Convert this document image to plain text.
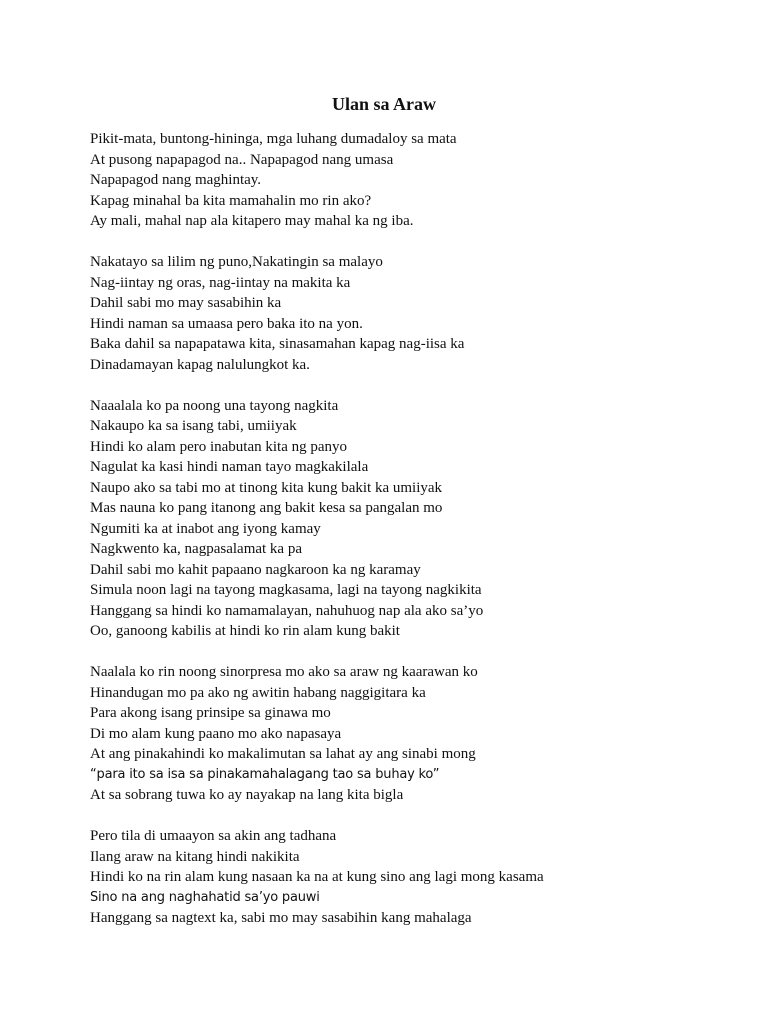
Ulan sa Araw

Pikit-mata, buntong-hininga, mga luhang dumadaloy sa mata

At pusong napapagod na.. Napapagod nang umasa

Napapagod nang maghintay.

Kapag minahal ba kita mamahalin mo rin ako?

Ay mali, mahal nap ala kitapero may mahal ka ng iba.

Nakatayo sa lilim ng puno,Nakatingin sa malayo

Nag-iintay ng oras, nag-iintay na makita ka

Dahil sabi mo may sasabihin ka

Hindi naman sa umaasa pero baka ito na yon.

Baka dahil sa napapatawa kita, sinasamahan kapag nag-iisa ka

Dinadamayan kapag nalulungkot ka.

Naaalala ko pa noong una tayong nagkita

Nakaupo ka sa isang tabi, umiiyak

Hindi ko alam pero inabutan kita ng panyo

Nagulat ka kasi hindi naman tayo magkakilala

Naupo ako sa tabi mo at tinong kita kung bakit ka umiiyak

Mas nauna ko pang itanong ang bakit kesa sa pangalan mo

Ngumiti ka at inabot ang iyong kamay

Nagkwento ka, nagpasalamat ka pa

Dahil sabi mo kahit papaano nagkaroon ka ng karamay

Simula noon lagi na tayong magkasama, lagi na tayong nagkikita

Hanggang sa hindi ko namamalayan, nahuhuog nap ala ako sa’yo

Oo, ganoong kabilis at hindi ko rin alam kung bakit

Naalala ko rin noong sinorpresa mo ako sa araw ng kaarawan ko

Hinandugan mo pa ako ng awitin habang naggigitara ka

Para akong isang prinsipe sa ginawa mo

Di mo alam kung paano mo ako napasaya

At ang pinakahindi ko makalimutan sa lahat ay ang sinabi mong

“para ito sa isa sa pinakamahalagang tao sa buhay ko”

At sa sobrang tuwa ko ay nayakap na lang kita bigla

Pero tila di umaayon sa akin ang tadhana

Ilang araw na kitang hindi nakikita

Hindi ko na rin alam kung nasaan ka na at kung sino ang lagi mong kasama

Sino na ang naghahatid sa’yo pauwi

Hanggang sa nagtext ka, sabi mo may sasabihin kang mahalaga
